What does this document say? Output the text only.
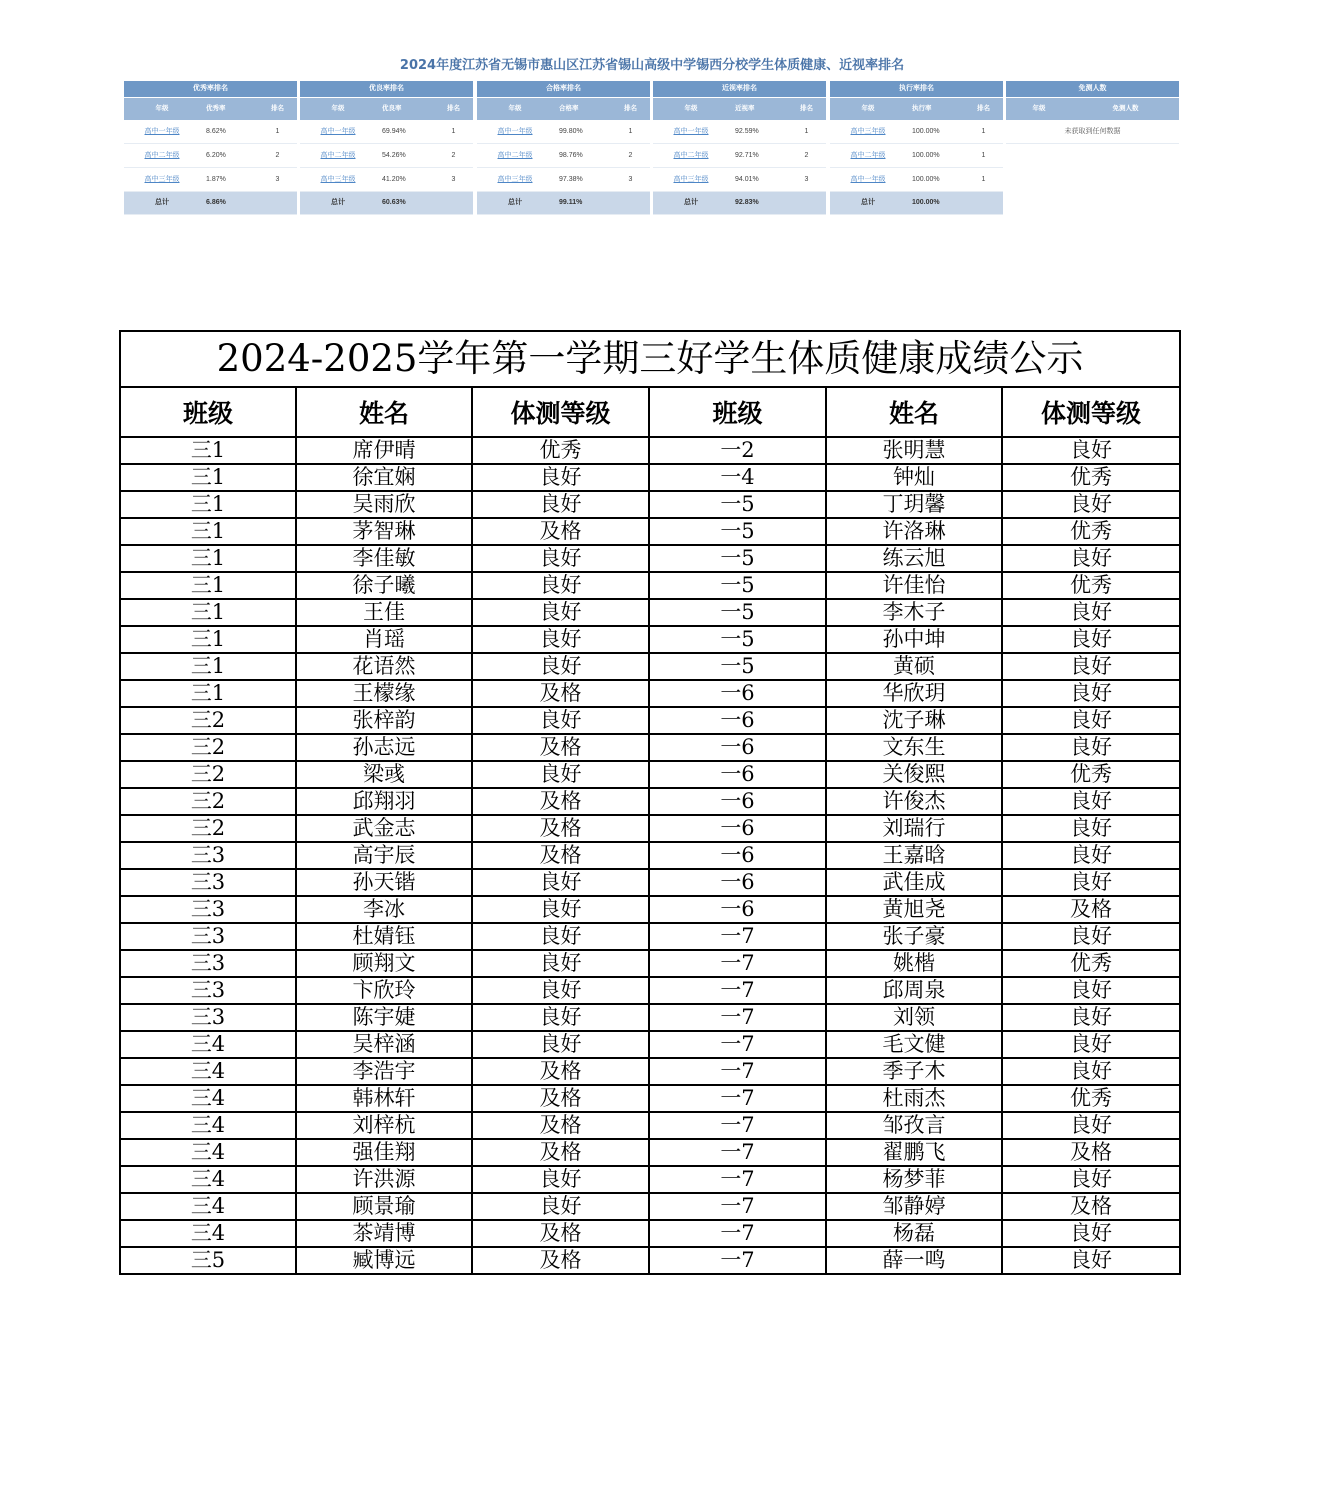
2024年度江苏省无锡市惠山区江苏省锡山高级中学锡西分校学生体质健康、近视率排名
优秀率排名
年级	优秀率	排名
高中一年级	8.62%	1
高中二年级	6.20%	2
高中三年级	1.87%	3
总计	6.86%
优良率排名
年级	优良率	排名
高中一年级	69.94%	1
高中二年级	54.26%	2
高中三年级	41.20%	3
总计	60.63%
合格率排名
年级	合格率	排名
高中一年级	99.80%	1
高中二年级	98.76%	2
高中三年级	97.38%	3
总计	99.11%
近视率排名
年级	近视率	排名
高中一年级	92.59%	1
高中二年级	92.71%	2
高中三年级	94.01%	3
总计	92.83%
执行率排名
年级	执行率	排名
高中三年级	100.00%	1
高中二年级	100.00%	1
高中一年级	100.00%	1
总计	100.00%
免测人数
年级	免测人数
未获取到任何数据
2024-2025学年第一学期三好学生体质健康成绩公示					
班级	姓名	体测等级	班级	姓名	体测等级
三1	席伊晴	优秀	一2	张明慧	良好
三1	徐宜娴	良好	一4	钟灿	优秀
三1	吴雨欣	良好	一5	丁玥馨	良好
三1	茅智琳	及格	一5	许洛琳	优秀
三1	李佳敏	良好	一5	练云旭	良好
三1	徐子曦	良好	一5	许佳怡	优秀
三1	王佳	良好	一5	李木子	良好
三1	肖瑶	良好	一5	孙中坤	良好
三1	花语然	良好	一5	黄硕	良好
三1	王檬缘	及格	一6	华欣玥	良好
三2	张梓韵	良好	一6	沈子琳	良好
三2	孙志远	及格	一6	文东生	良好
三2	梁彧	良好	一6	关俊熙	优秀
三2	邱翔羽	及格	一6	许俊杰	良好
三2	武金志	及格	一6	刘瑞行	良好
三3	高宇辰	及格	一6	王嘉晗	良好
三3	孙天锴	良好	一6	武佳成	良好
三3	李冰	良好	一6	黄旭尧	及格
三3	杜婧钰	良好	一7	张子豪	良好
三3	顾翔文	良好	一7	姚楷	优秀
三3	卞欣玲	良好	一7	邱周泉	良好
三3	陈宇婕	良好	一7	刘领	良好
三4	吴梓涵	良好	一7	毛文健	良好
三4	李浩宇	及格	一7	季子木	良好
三4	韩林轩	及格	一7	杜雨杰	优秀
三4	刘梓杭	及格	一7	邹孜言	良好
三4	强佳翔	及格	一7	翟鹏飞	及格
三4	许洪源	良好	一7	杨梦菲	良好
三4	顾景瑜	良好	一7	邹静婷	及格
三4	茶靖博	及格	一7	杨磊	良好
三5	臧博远	及格	一7	薛一鸣	良好
